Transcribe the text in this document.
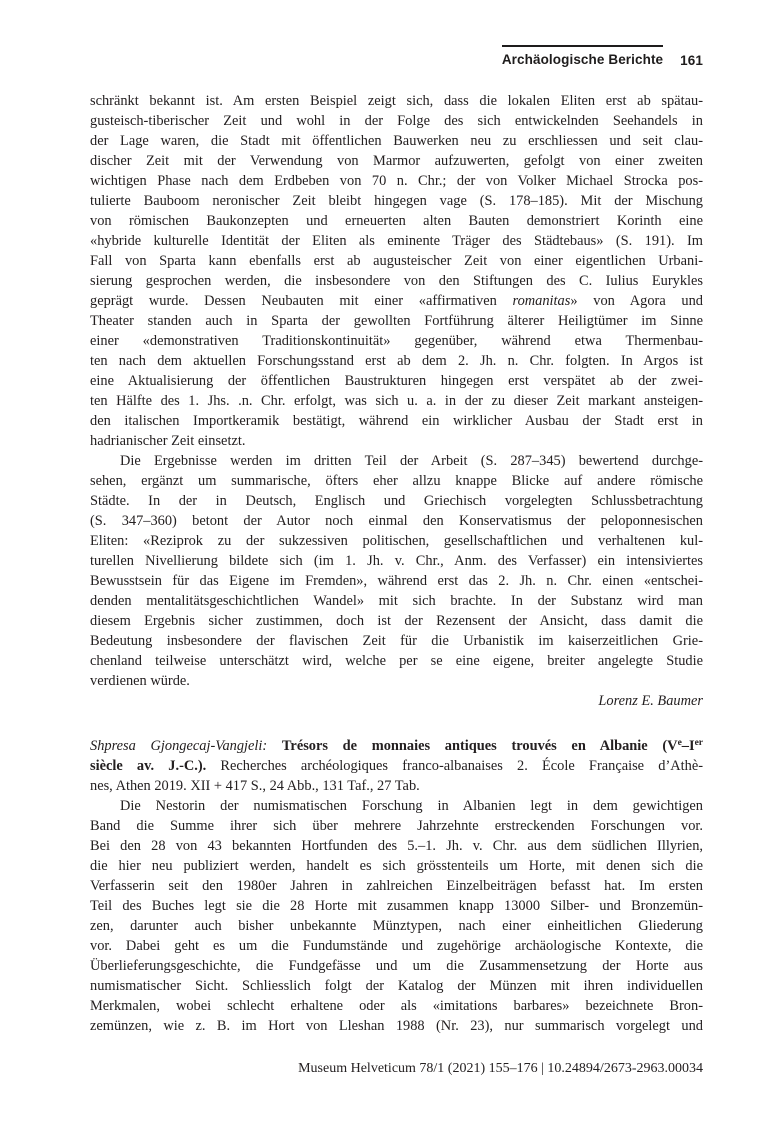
Archäologische Berichte 161
schränkt bekannt ist. Am ersten Beispiel zeigt sich, dass die lokalen Eliten erst ab spätau-
gusteisch-tiberischer Zeit und wohl in der Folge des sich entwickelnden Seehandels in
der Lage waren, die Stadt mit öffentlichen Bauwerken neu zu erschliessen und seit clau-
discher Zeit mit der Verwendung von Marmor aufzuwerten, gefolgt von einer zweiten
wichtigen Phase nach dem Erdbeben von 70 n. Chr.; der von Volker Michael Strocka pos-
tulierte Bauboom neronischer Zeit bleibt hingegen vage (S. 178–185). Mit der Mischung
von römischen Baukonzepten und erneuerten alten Bauten demonstriert Korinth eine
«hybride kulturelle Identität der Eliten als eminente Träger des Städtebaus» (S. 191). Im
Fall von Sparta kann ebenfalls erst ab augusteischer Zeit von einer eigentlichen Urbani-
sierung gesprochen werden, die insbesondere von den Stiftungen des C. Iulius Eurykles
geprägt wurde. Dessen Neubauten mit einer «affirmativen romanitas» von Agora und
Theater standen auch in Sparta der gewollten Fortführung älterer Heiligtümer im Sinne
einer «demonstrativen Traditionskontinuität» gegenüber, während etwa Thermenbau-
ten nach dem aktuellen Forschungsstand erst ab dem 2. Jh. n. Chr. folgten. In Argos ist
eine Aktualisierung der öffentlichen Baustrukturen hingegen erst verspätet ab der zwei-
ten Hälfte des 1. Jhs. .n. Chr. erfolgt, was sich u. a. in der zu dieser Zeit markant ansteigen-
den italischen Importkeramik bestätigt, während ein wirklicher Ausbau der Stadt erst in
hadrianischer Zeit einsetzt.
Die Ergebnisse werden im dritten Teil der Arbeit (S. 287–345) bewertend durchge-
sehen, ergänzt um summarische, öfters eher allzu knappe Blicke auf andere römische
Städte. In der in Deutsch, Englisch und Griechisch vorgelegten Schlussbetrachtung
(S. 347–360) betont der Autor noch einmal den Konservatismus der peloponnesischen
Eliten: «Reziprok zu der sukzessiven politischen, gesellschaftlichen und verhaltenen kul-
turellen Nivellierung bildete sich (im 1. Jh. v. Chr., Anm. des Verfasser) ein intensiviertes
Bewusstsein für das Eigene im Fremden», während erst das 2. Jh. n. Chr. einen «entschei-
denden mentalitätsgeschichtlichen Wandel» mit sich brachte. In der Substanz wird man
diesem Ergebnis sicher zustimmen, doch ist der Rezensent der Ansicht, dass damit die
Bedeutung insbesondere der flavischen Zeit für die Urbanistik im kaiserzeitlichen Grie-
chenland teilweise unterschätzt wird, welche per se eine eigene, breiter angelegte Studie
verdienen würde.
Lorenz E. Baumer
Shpresa Gjongecaj-Vangjeli: Trésors de monnaies antiques trouvés en Albanie (Ve–Ier
siècle av. J.-C.). Recherches archéologiques franco-albanaises 2. École Française d’Athè-
nes, Athen 2019. XII + 417 S., 24 Abb., 131 Taf., 27 Tab.
Die Nestorin der numismatischen Forschung in Albanien legt in dem gewichtigen
Band die Summe ihrer sich über mehrere Jahrzehnte erstreckenden Forschungen vor.
Bei den 28 von 43 bekannten Hortfunden des 5.–1. Jh. v. Chr. aus dem südlichen Illyrien,
die hier neu publiziert werden, handelt es sich grösstenteils um Horte, mit denen sich die
Verfasserin seit den 1980er Jahren in zahlreichen Einzelbeiträgen befasst hat. Im ersten
Teil des Buches legt sie die 28 Horte mit zusammen knapp 13000 Silber- und Bronzemün-
zen, darunter auch bisher unbekannte Münztypen, nach einer einheitlichen Gliederung
vor. Dabei geht es um die Fundumstände und zugehörige archäologische Kontexte, die
Überlieferungsgeschichte, die Fundgefässe und um die Zusammensetzung der Horte aus
numismatischer Sicht. Schliesslich folgt der Katalog der Münzen mit ihren individuellen
Merkmalen, wobei schlecht erhaltene oder als «imitations barbares» bezeichnete Bron-
zemünzen, wie z. B. im Hort von Lleshan 1988 (Nr. 23), nur summarisch vorgelegt und
Museum Helveticum 78/1 (2021) 155–176 | 10.24894/2673-2963.00034
